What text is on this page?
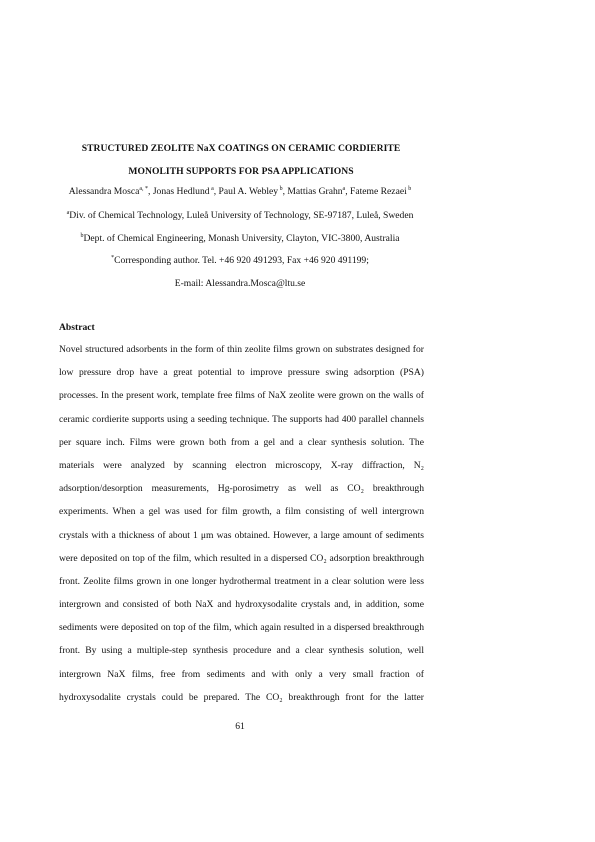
STRUCTURED ZEOLITE NaX COATINGS ON CERAMIC CORDIERITE
MONOLITH SUPPORTS FOR PSA APPLICATIONS
Alessandra Mosca$^{a, *}$, Jonas Hedlund $^a$, Paul A. Webley $^b$, Mattias Grahn$^a$, Fateme Rezaei $^b$
$^a$Div. of Chemical Technology, Luleå University of Technology, SE-97187, Luleå, Sweden
$^b$Dept. of Chemical Engineering, Monash University, Clayton, VIC-3800, Australia
*Corresponding author. Tel. +46 920 491293, Fax +46 920 491199;
E-mail: Alessandra.Mosca@ltu.se
Abstract
Novel structured adsorbents in the form of thin zeolite films grown on substrates designed for
low pressure drop have a great potential to improve pressure swing adsorption (PSA)
processes. In the present work, template free films of NaX zeolite were grown on the walls of
ceramic cordierite supports using a seeding technique. The supports had 400 parallel channels
per square inch. Films were grown both from a gel and a clear synthesis solution. The
materials were analyzed by scanning electron microscopy, X-ray diffraction, N₂
adsorption/desorption measurements, Hg-porosimetry as well as CO₂ breakthrough
experiments. When a gel was used for film growth, a film consisting of well intergrown
crystals with a thickness of about 1 μm was obtained. However, a large amount of sediments
were deposited on top of the film, which resulted in a dispersed CO₂ adsorption breakthrough
front. Zeolite films grown in one longer hydrothermal treatment in a clear solution were less
intergrown and consisted of both NaX and hydroxysodalite crystals and, in addition, some
sediments were deposited on top of the film, which again resulted in a dispersed breakthrough
front. By using a multiple-step synthesis procedure and a clear synthesis solution, well
intergrown NaX films, free from sediments and with only a very small fraction of
hydroxysodalite crystals could be prepared. The CO₂ breakthrough front for the latter
61
